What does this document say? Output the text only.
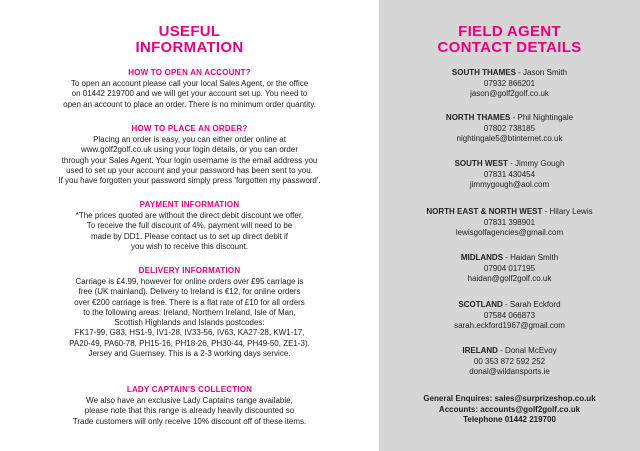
USEFUL
INFORMATION
HOW TO OPEN AN ACCOUNT?
To open an account please call your local Sales Agent, or the office
on 01442 219700 and we will get your account set up. You need to
open an account to place an order. There is no minimum order quantity.
HOW TO PLACE AN ORDER?
Placing an order is easy, you can either order online at
www.golf2golf.co.uk using your login details, or you can order
through your Sales Agent. Your login username is the email address you
used to set up your account and your password has been sent to you.
If you have forgotten your password simply press 'forgotten my password'.
PAYMENT INFORMATION
*The prices quoted are without the direct debit discount we offer.
To receive the full discount of 4%, payment will need to be
made by DD1. Please contact us to set up direct debit if
you wish to receive this discount.
DELIVERY INFORMATION
Carriage is £4.99, however for online orders over £95 carriage is
free (UK mainland). Delivery to Ireland is €12, for online orders
over €200 carriage is free. There is a flat rate of £10 for all orders
to the following areas: Ireland, Northern Ireland, Isle of Man,
Scottish Highlands and Islands postcodes:
FK17-99, G83, HS1-9, IV1-28, IV33-56, IV63, KA27-28, KW1-17,
PA20-49, PA60-78, PH15-16, PH18-26, PH30-44, PH49-50, ZE1-3).
Jersey and Guernsey. This is a 2-3 working days service.
LADY CAPTAIN'S COLLECTION
We also have an exclusive Lady Captains range available,
please note that this range is already heavily discounted so
Trade customers will only receive 10% discount off of these items.
FIELD AGENT
CONTACT DETAILS
SOUTH THAMES - Jason Smith
07932 866201
jason@golf2golf.co.uk
NORTH THAMES - Phil Nightingale
07802 738185
nightingale5@btinternet.co.uk
SOUTH WEST - Jimmy Gough
07831 430454
jimmygough@aol.com
NORTH EAST & NORTH WEST - Hilary Lewis
07831 398901
lewisgolfagencies@gmail.com
MIDLANDS - Haidan Smith
07904 017195
haidan@golf2golf.co.uk
SCOTLAND - Sarah Eckford
07584 066873
sarah.eckford1967@gmail.com
IRELAND - Donal McEvoy
00 353 872 592 252
donal@wildansports.ie
General Enquires: sales@surprizeshop.co.uk
Accounts: accounts@golf2golf.co.uk
Telephone 01442 219700
